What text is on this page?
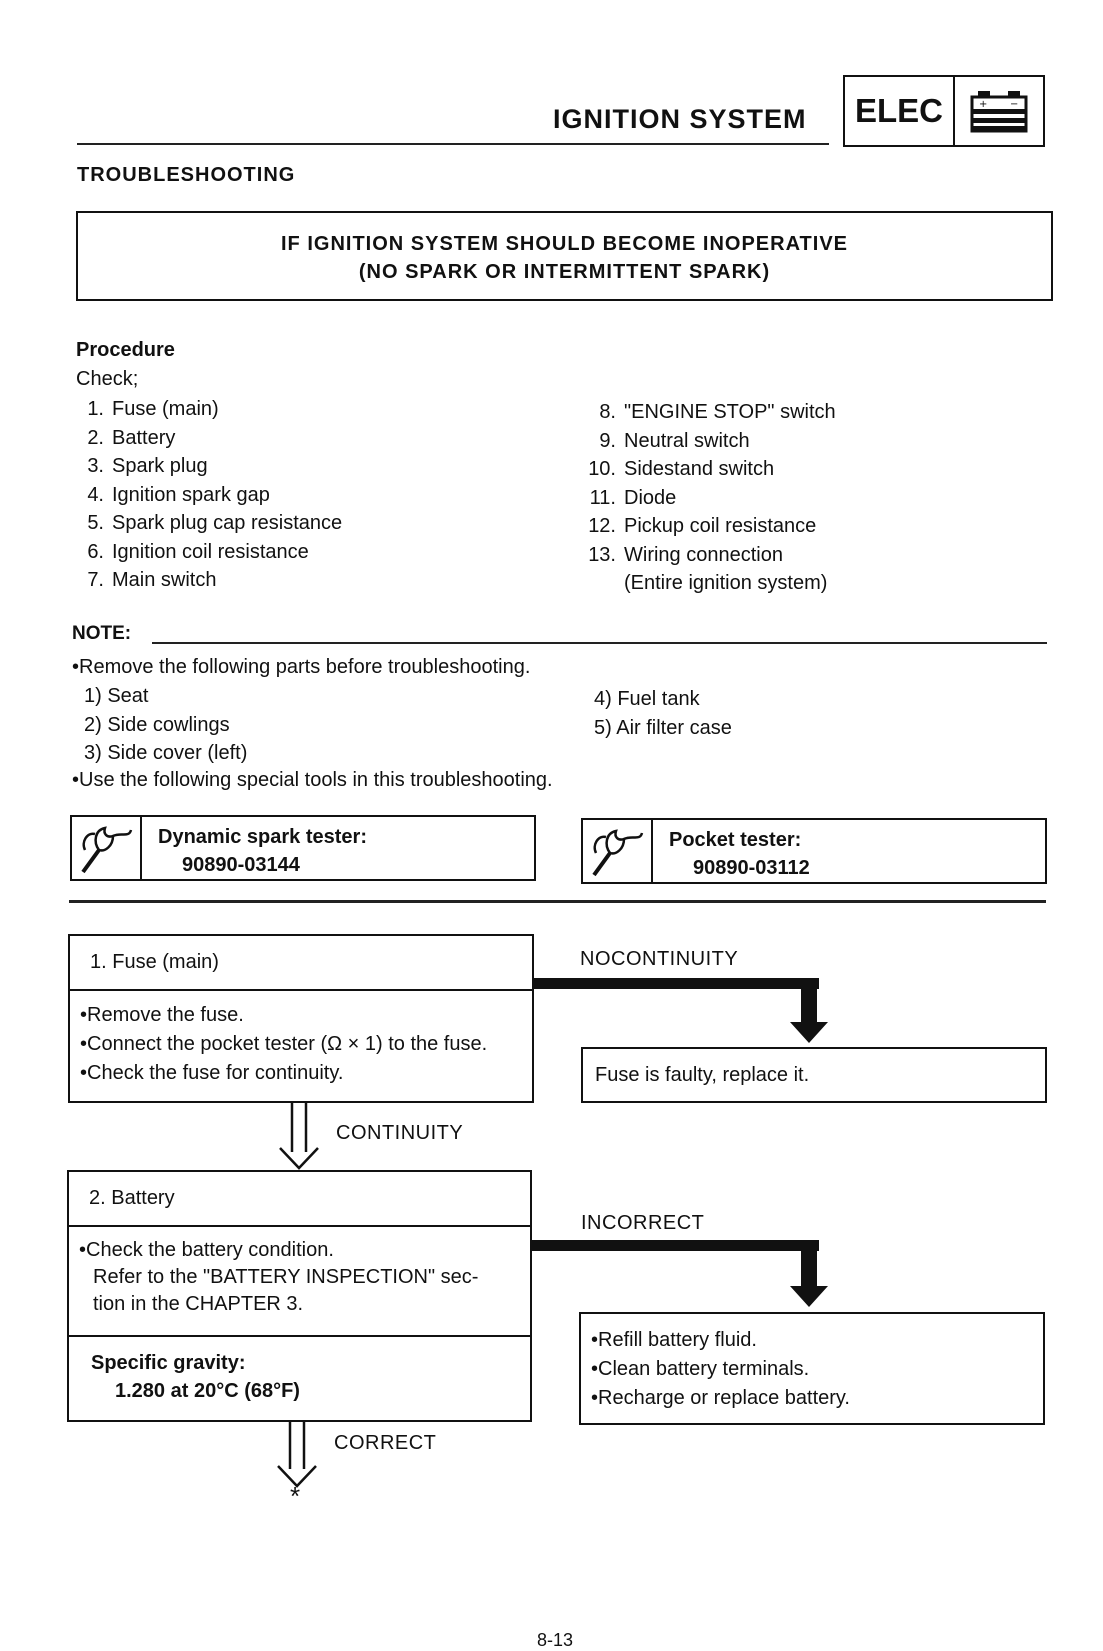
IGNITION SYSTEM	ELEC	+ −
TROUBLESHOOTING
IF IGNITION SYSTEM SHOULD BECOME INOPERATIVE
(NO SPARK OR INTERMITTENT SPARK)
Procedure
Check;
1. Fuse (main)
2. Battery
3. Spark plug
4. Ignition spark gap
5. Spark plug cap resistance
6. Ignition coil resistance
7. Main switch
8. "ENGINE STOP" switch
9. Neutral switch
10. Sidestand switch
11. Diode
12. Pickup coil resistance
13. Wiring connection
(Entire ignition system)
NOTE:
•Remove the following parts before troubleshooting.
1) Seat
2) Side cowlings
3) Side cover (left)
4) Fuel tank
5) Air filter case
•Use the following special tools in this troubleshooting.
Dynamic spark tester:
90890-03144
Pocket tester:
90890-03112
1. Fuse (main)
•Remove the fuse.
•Connect the pocket tester (Ω × 1) to the fuse.
•Check the fuse for continuity.
NOCONTINUITY
Fuse is faulty, replace it.
CONTINUITY
2. Battery
•Check the battery condition.
Refer to the "BATTERY INSPECTION" sec-
tion in the CHAPTER 3.
Specific gravity:
1.280 at 20°C (68°F)
INCORRECT
•Refill battery fluid.
•Clean battery terminals.
•Recharge or replace battery.
CORRECT
*
8-13
